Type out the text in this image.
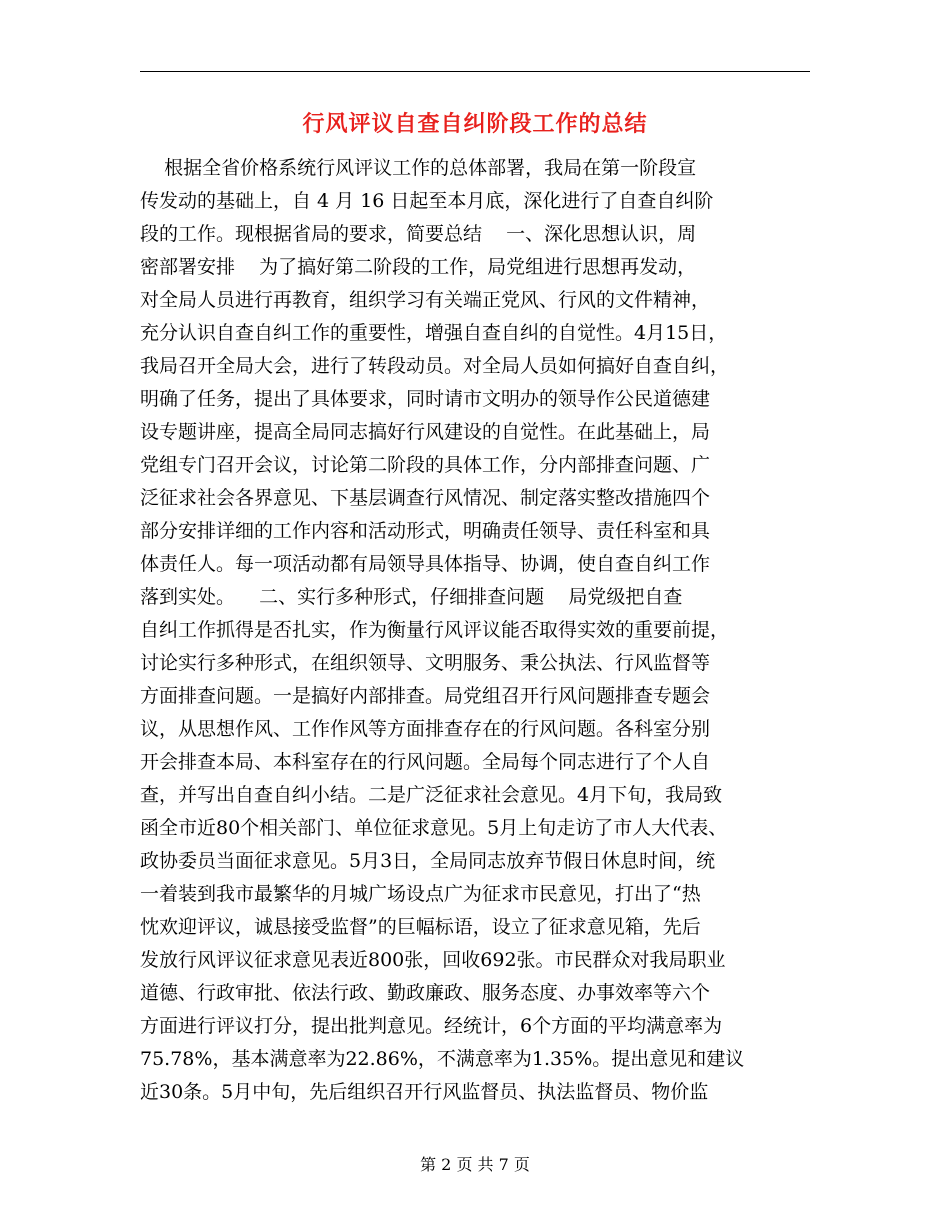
行风评议自查自纠阶段工作的总结
根据全省价格系统行风评议工作的总体部署，我局在第一阶段宣
传发动的基础上，自 4 月 16 日起至本月底，深化进行了自查自纠阶
段的工作。现根据省局的要求，简要总结    一、深化思想认识，周
密部署安排    为了搞好第二阶段的工作，局党组进行思想再发动，
对全局人员进行再教育，组织学习有关端正党风、行风的文件精神，
充分认识自查自纠工作的重要性，增强自查自纠的自觉性。4月15日，
我局召开全局大会，进行了转段动员。对全局人员如何搞好自查自纠，
明确了任务，提出了具体要求，同时请市文明办的领导作公民道德建
设专题讲座，提高全局同志搞好行风建设的自觉性。在此基础上，局
党组专门召开会议，讨论第二阶段的具体工作，分内部排查问题、广
泛征求社会各界意见、下基层调查行风情况、制定落实整改措施四个
部分安排详细的工作内容和活动形式，明确责任领导、责任科室和具
体责任人。每一项活动都有局领导具体指导、协调，使自查自纠工作
落到实处。    二、实行多种形式，仔细排查问题    局党级把自查
自纠工作抓得是否扎实，作为衡量行风评议能否取得实效的重要前提，
讨论实行多种形式，在组织领导、文明服务、秉公执法、行风监督等
方面排查问题。一是搞好内部排查。局党组召开行风问题排查专题会
议，从思想作风、工作作风等方面排查存在的行风问题。各科室分别
开会排查本局、本科室存在的行风问题。全局每个同志进行了个人自
查，并写出自查自纠小结。二是广泛征求社会意见。4月下旬，我局致
函全市近80个相关部门、单位征求意见。5月上旬走访了市人大代表、
政协委员当面征求意见。5月3日，全局同志放弃节假日休息时间，统
一着装到我市最繁华的月城广场设点广为征求市民意见，打出了“热
忱欢迎评议，诚恳接受监督”的巨幅标语，设立了征求意见箱，先后
发放行风评议征求意见表近800张，回收692张。市民群众对我局职业
道德、行政审批、依法行政、勤政廉政、服务态度、办事效率等六个
方面进行评议打分，提出批判意见。经统计，6个方面的平均满意率为
75.78%，基本满意率为22.86%，不满意率为1.35%。提出意见和建议
近30条。5月中旬，先后组织召开行风监督员、执法监督员、物价监
第 2 页 共 7 页
